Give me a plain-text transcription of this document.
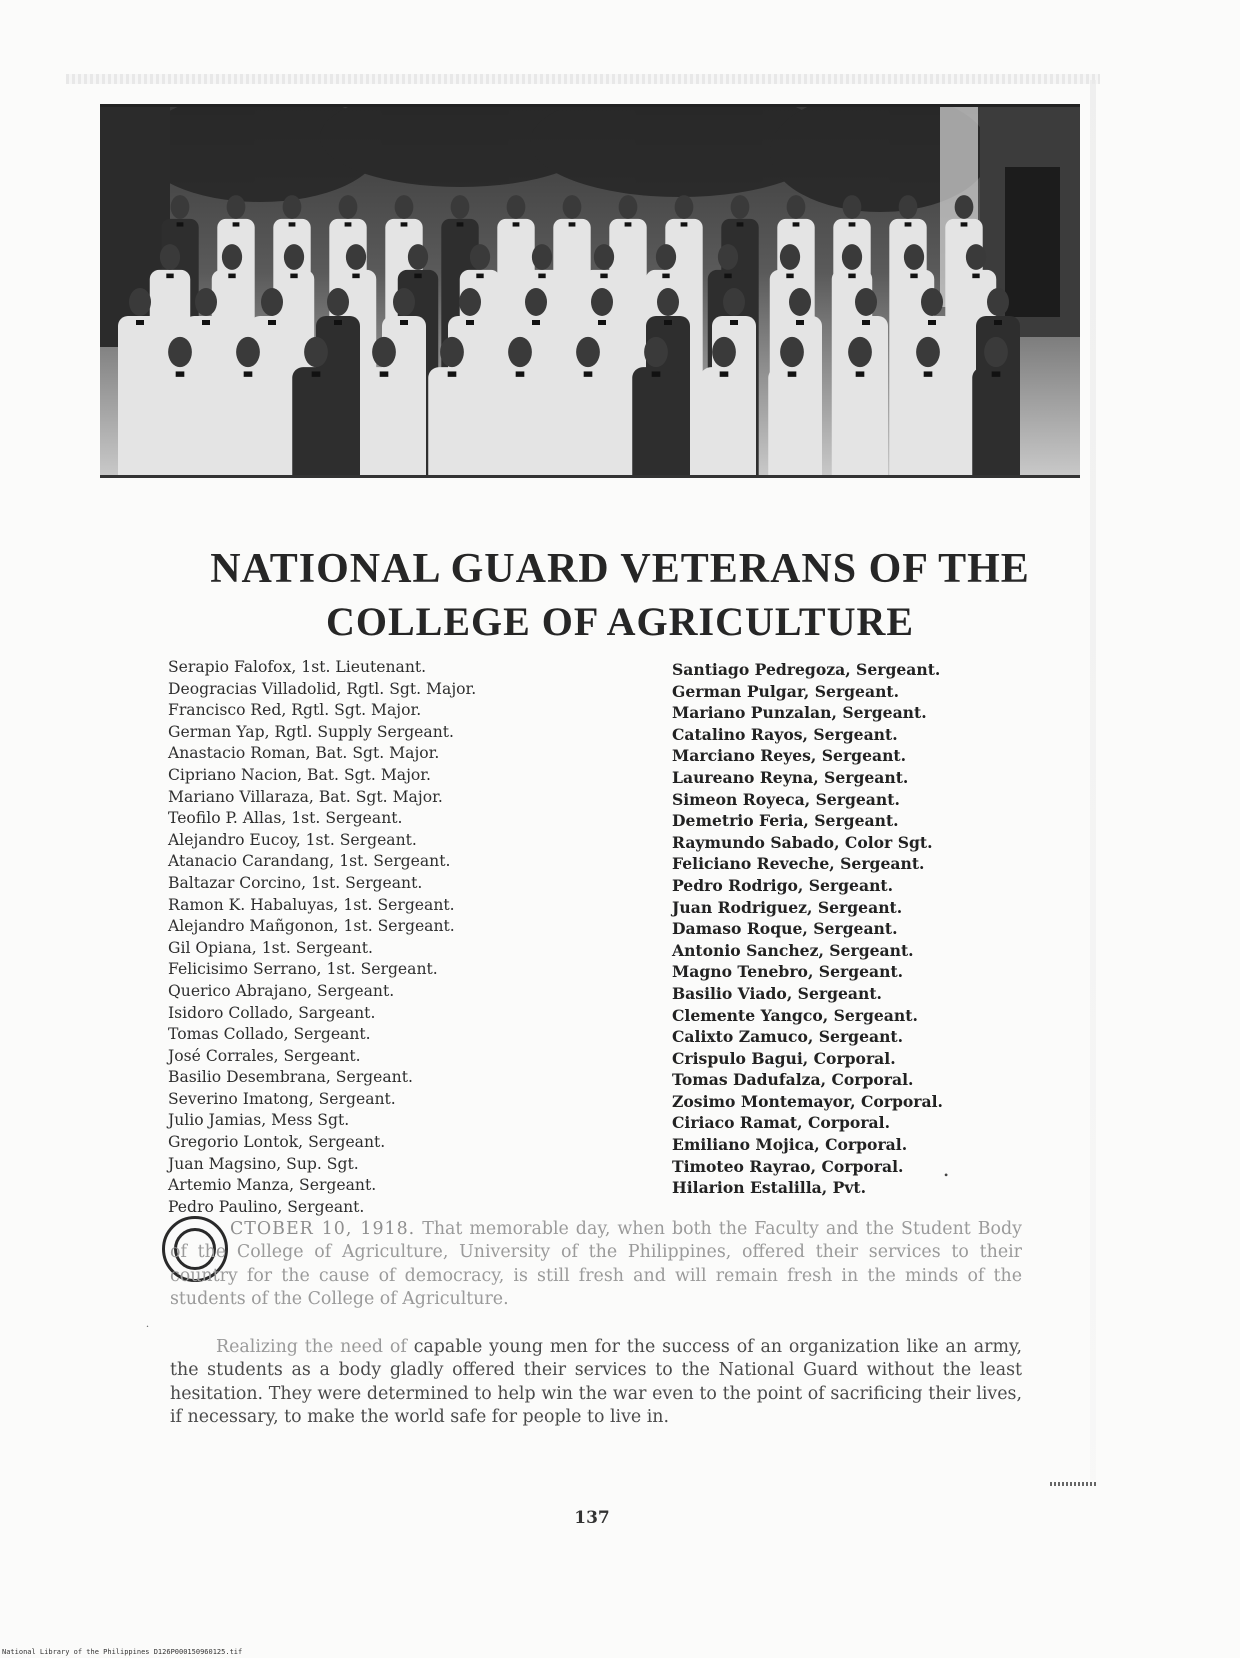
NATIONAL GUARD VETERANS OF THE
COLLEGE OF AGRICULTURE
Serapio Falofox, 1st. Lieutenant.
Deogracias Villadolid, Rgtl. Sgt. Major.
Francisco Red, Rgtl. Sgt. Major.
German Yap, Rgtl. Supply Sergeant.
Anastacio Roman, Bat. Sgt. Major.
Cipriano Nacion, Bat. Sgt. Major.
Mariano Villaraza, Bat. Sgt. Major.
Teofilo P. Allas, 1st. Sergeant.
Alejandro Eucoy, 1st. Sergeant.
Atanacio Carandang, 1st. Sergeant.
Baltazar Corcino, 1st. Sergeant.
Ramon K. Habaluyas, 1st. Sergeant.
Alejandro Mañgonon, 1st. Sergeant.
Gil Opiana, 1st. Sergeant.
Felicisimo Serrano, 1st. Sergeant.
Querico Abrajano, Sergeant.
Isidoro Collado, Sargeant.
Tomas Collado, Sergeant.
José Corrales, Sergeant.
Basilio Desembrana, Sergeant.
Severino Imatong, Sergeant.
Julio Jamias, Mess Sgt.
Gregorio Lontok, Sergeant.
Juan Magsino, Sup. Sgt.
Artemio Manza, Sergeant.
Pedro Paulino, Sergeant.
Santiago Pedregoza, Sergeant.
German Pulgar, Sergeant.
Mariano Punzalan, Sergeant.
Catalino Rayos, Sergeant.
Marciano Reyes, Sergeant.
Laureano Reyna, Sergeant.
Simeon Royeca, Sergeant.
Demetrio Feria, Sergeant.
Raymundo Sabado, Color Sgt.
Feliciano Reveche, Sergeant.
Pedro Rodrigo, Sergeant.
Juan Rodriguez, Sergeant.
Damaso Roque, Sergeant.
Antonio Sanchez, Sergeant.
Magno Tenebro, Sergeant.
Basilio Viado, Sergeant.
Clemente Yangco, Sergeant.
Calixto Zamuco, Sergeant.
Crispulo Bagui, Corporal.
Tomas Dadufalza, Corporal.
Zosimo Montemayor, Corporal.
Ciriaco Ramat, Corporal.
Emiliano Mojica, Corporal.
Timoteo Rayrao, Corporal.
Hilarion Estalilla, Pvt.
CTOBER 10, 1918. That memorable day, when both the Faculty and the Student Body of the College of Agriculture, University of the Philippines, offered their services to their country for the cause of democracy, is still fresh and will remain fresh in the minds of the students of the College of Agriculture.
Realizing the need of capable young men for the success of an organization like an army, the students as a body gladly offered their services to the National Guard without the least hesitation. They were determined to help win the war even to the point of sacrificing their lives, if necessary, to make the world safe for people to live in.
.
•
137
National Library of the Philippines D126P000150960125.tif
